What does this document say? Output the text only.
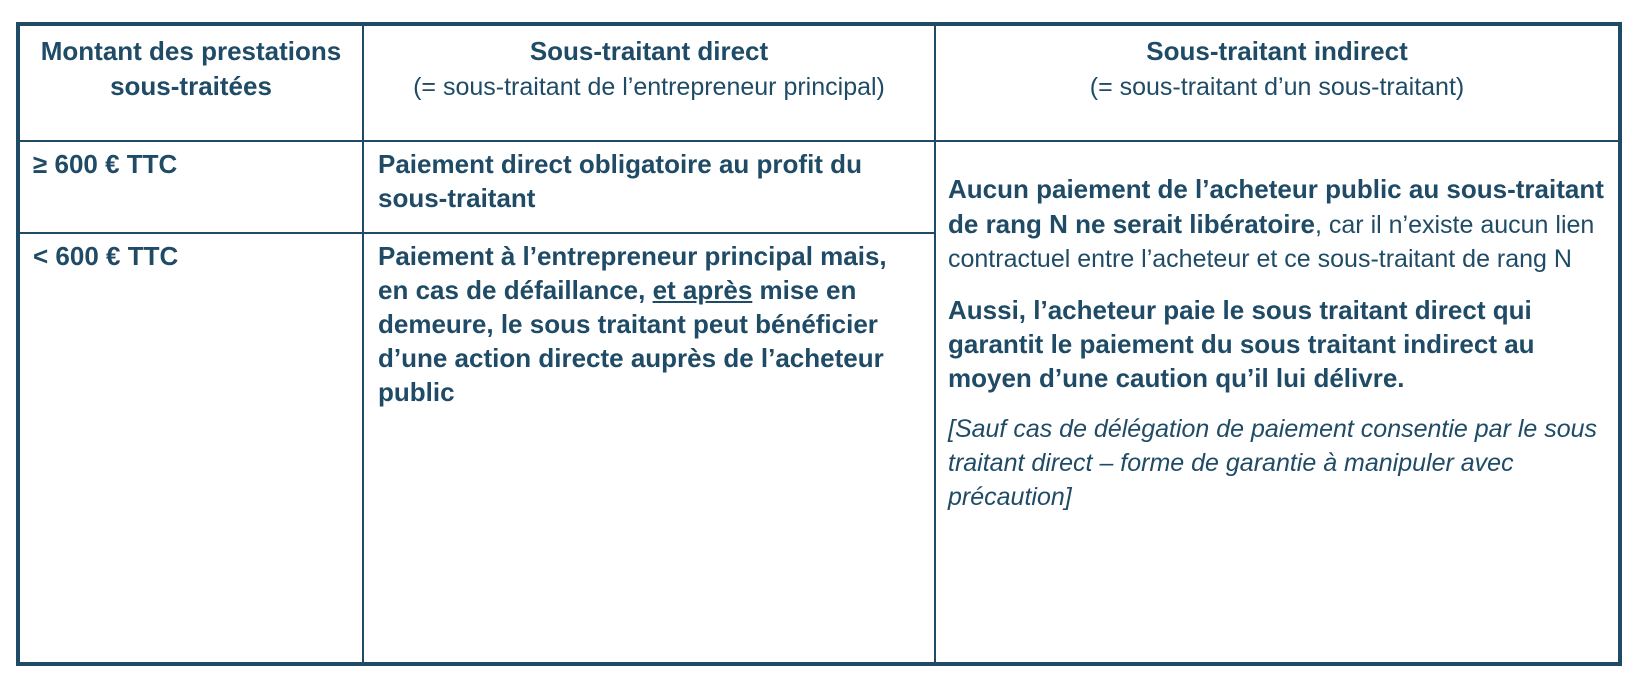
Montant des prestations sous-traitées
Sous-traitant direct
(= sous-traitant de l’entrepreneur principal)
Sous-traitant indirect
(= sous-traitant d’un sous-traitant)
≥ 600 € TTC	Paiement direct obligatoire au profit du sous-traitant
< 600 € TTC	Paiement à l’entrepreneur principal mais, en cas de défaillance, et après mise en demeure, le sous traitant peut bénéficier d’une action directe auprès de l’acheteur public

Aucun paiement de l’acheteur public au sous-traitant de rang N ne serait libératoire, car il n’existe aucun lien contractuel entre l’acheteur et ce sous-traitant de rang N

Aussi, l’acheteur paie le sous traitant direct qui garantit le paiement du sous traitant indirect au moyen d’une caution qu’il lui délivre.

[Sauf cas de délégation de paiement consentie par le sous traitant direct – forme de garantie à manipuler avec précaution]
